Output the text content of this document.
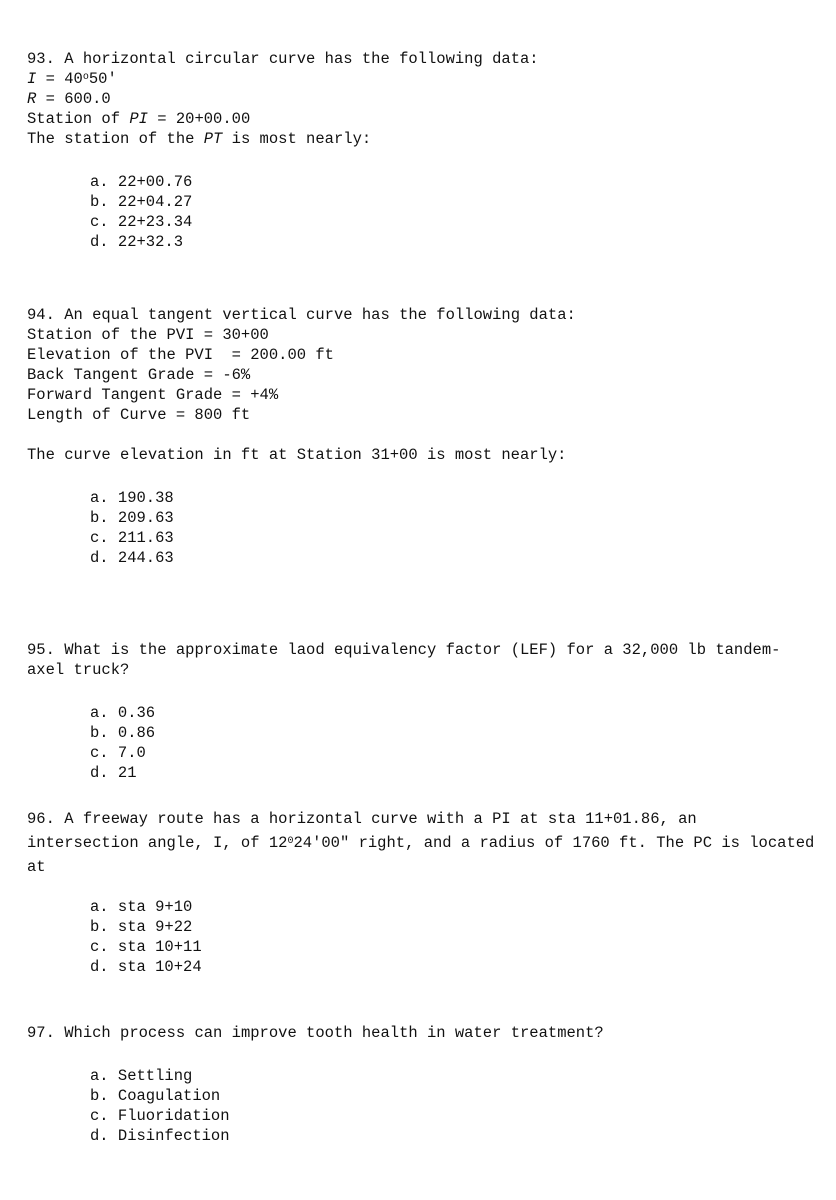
93. A horizontal circular curve has the following data:
$I = 40^o50'$
R = 600.0
Station of PI = 20+00.00
The station of the PT is most nearly:
a. 22+00.76
b. 22+04.27
c. 22+23.34
d. 22+32.3
94. An equal tangent vertical curve has the following data:
Station of the PVI = 30+00
Elevation of the PVI  = 200.00 ft
Back Tangent Grade = -6%
Forward Tangent Grade = +4%
Length of Curve = 800 ft
The curve elevation in ft at Station 31+00 is most nearly:
a. 190.38
b. 209.63
c. 211.63
d. 244.63
95. What is the approximate laod equivalency factor (LEF) for a 32,000 lb tandem-axel truck?
a. 0.36
b. 0.86
c. 7.0
d. 21
96. A freeway route has a horizontal curve with a PI at sta 11+01.86, an intersection angle, I, of $12^024'00''$ right, and a radius of 1760 ft. The PC is located at
a. sta 9+10
b. sta 9+22
c. sta 10+11
d. sta 10+24
97. Which process can improve tooth health in water treatment?
a. Settling
b. Coagulation
c. Fluoridation
d. Disinfection
